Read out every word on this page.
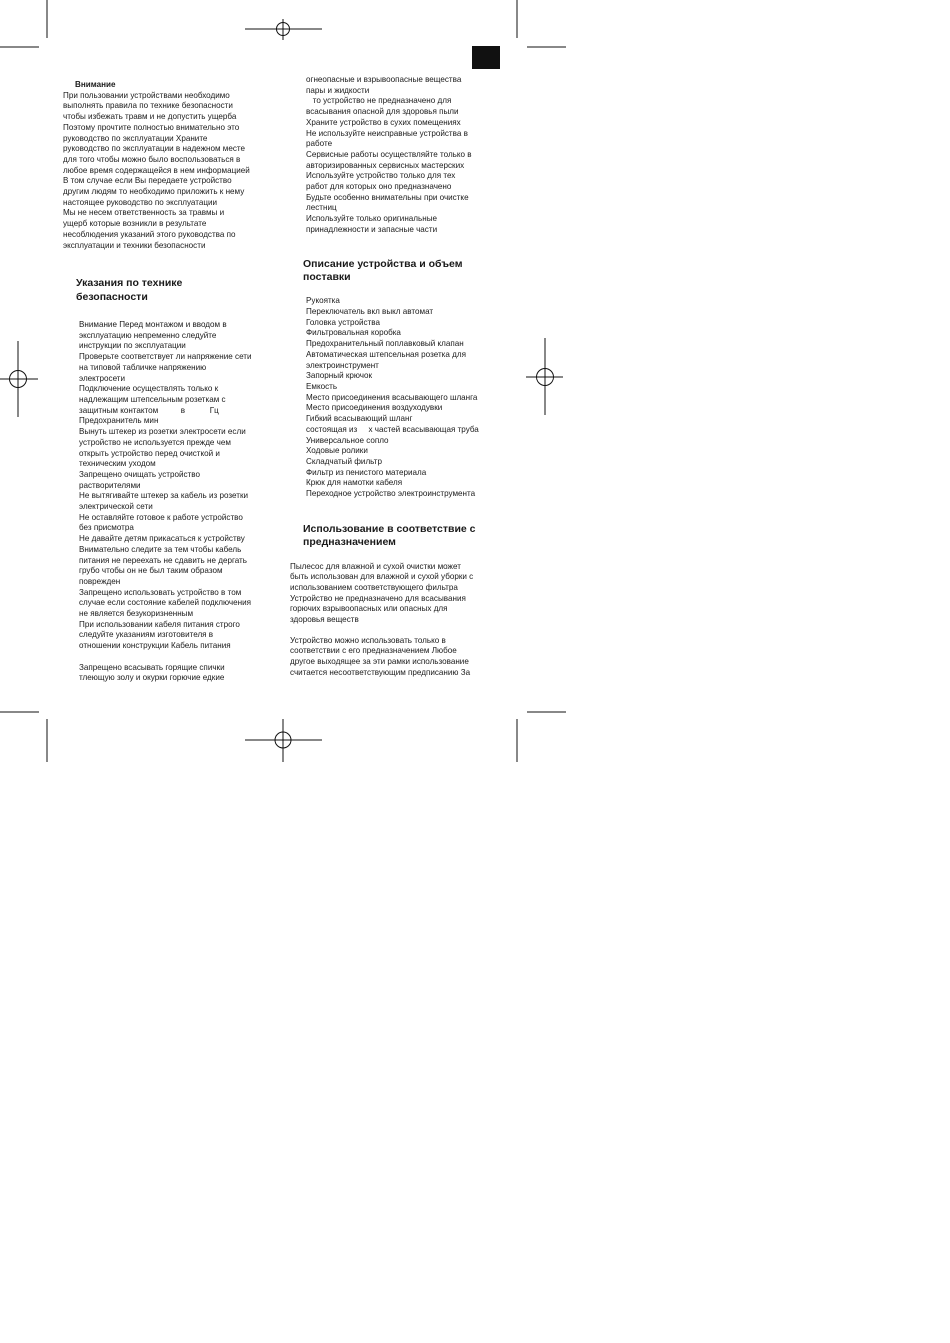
Внимание
При пользовании устройствами необходимо
выполнять правила по технике безопасности
чтобы избежать травм и не допустить ущерба
Поэтому прочтите полностью внимательно это
руководство по эксплуатации Храните
руководство по эксплуатации в надежном месте
для того чтобы можно было воспользоваться в
любое время содержащейся в нем информацией
В том случае если Вы передаете устройство
другим людям то необходимо приложить к нему
настоящее руководство по эксплуатации
Мы не несем ответственность за травмы и
ущерб которые возникли в результате
несоблюдения указаний этого руководства по
эксплуатации и техники безопасности
Указания по технике
безопасности
Внимание Перед монтажом и вводом в
эксплуатацию непременно следуйте
инструкции по эксплуатации
Проверьте соответствует ли напряжение сети
на типовой табличке напряжению
электросети
Подключение осуществлять только к
надлежащим штепсельным розеткам с
защитным контактом          в           Гц
Предохранитель мин
Вынуть штекер из розетки электросети если
устройство не используется прежде чем
открыть устройство перед очисткой и
техническим уходом
Запрещено очищать устройство
растворителями
Не вытягивайте штекер за кабель из розетки
электрической сети
Не оставляйте готовое к работе устройство
без присмотра
Не давайте детям прикасаться к устройству
Внимательно следите за тем чтобы кабель
питания не переехать не сдавить не дергать
грубо чтобы он не был таким образом
поврежден
Запрещено использовать устройство в том
случае если состояние кабелей подключения
не является безукоризненным
При использовании кабеля питания строго
следуйте указаниям изготовителя в
отношении конструкции Кабель питания

Запрещено всасывать горящие спички
тлеющую золу и окурки горючие едкие
огнеопасные и взрывоопасные вещества
пары и жидкости
то устройство не предназначено для
всасывания опасной для здоровья пыли
Храните устройство в сухих помещениях
Не используйте неисправные устройства в
работе
Сервисные работы осуществляйте только в
авторизированных сервисных мастерских
Используйте устройство только для тех
работ для которых оно предназначено
Будьте особенно внимательны при очистке
лестниц
Используйте только оригинальные
принадлежности и запасные части
Описание устройства и объем
поставки
Рукоятка
Переключатель вкл выкл автомат
Головка устройства
Фильтровальная коробка
Предохранительный поплавковый клапан
Автоматическая штепсельная розетка для
электроинструмент
Запорный крючок
Емкость
Место присоединения всасывающего шланга
Место присоединения воздуходувки
Гибкий всасывающий шланг
состоящая из     х частей всасывающая труба
Универсальное сопло
Ходовые ролики
Складчатый фильтр
Фильтр из пенистого материала
Крюк для намотки кабеля
Переходное устройство электроинструмента
Использование в соответствие с
предназначением
Пылесос для влажной и сухой очистки может
быть использован для влажной и сухой уборки с
использованием соответствующего фильтра
Устройство не предназначено для всасывания
горючих взрывоопасных или опасных для
здоровья веществ
Устройство можно использовать только в
соответствии с его предназначением Любое
другое выходящее за эти рамки использование
считается несоответствующим предписанию За
